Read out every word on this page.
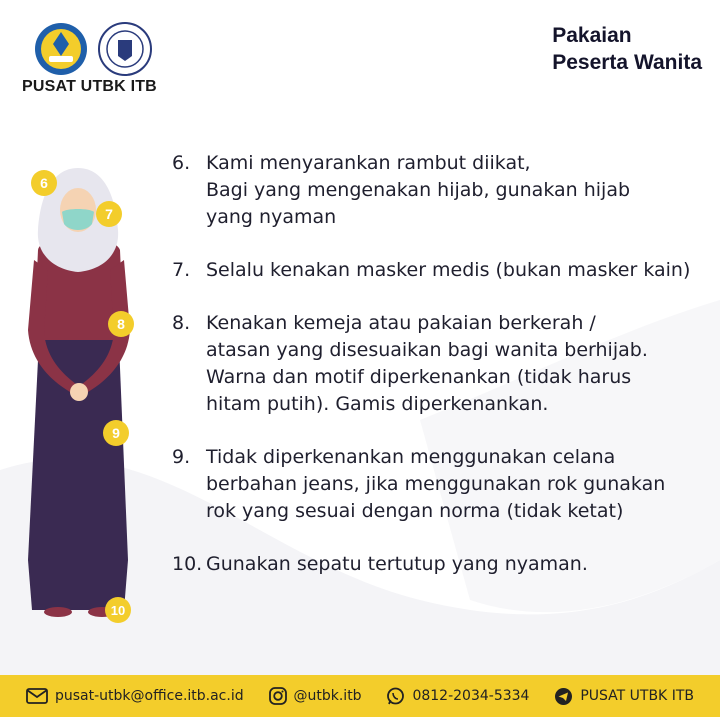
PUSAT UTBK ITB
Pakaian
Peserta Wanita
6
7
8
9
10
6. Kami menyarankan rambut diikat,
Bagi yang mengenakan hijab, gunakan hijab
yang nyaman
7. Selalu kenakan masker medis (bukan masker kain)
8. Kenakan kemeja atau pakaian berkerah /
atasan yang disesuaikan bagi wanita berhijab.
Warna dan motif diperkenankan (tidak harus
hitam putih). Gamis diperkenankan.
9. Tidak diperkenankan menggunakan celana
berbahan jeans, jika menggunakan rok gunakan
rok yang sesuai dengan norma (tidak ketat)
10. Gunakan sepatu tertutup yang nyaman.
pusat-utbk@office.itb.ac.id	@utbk.itb	0812-2034-5334	PUSAT UTBK ITB
